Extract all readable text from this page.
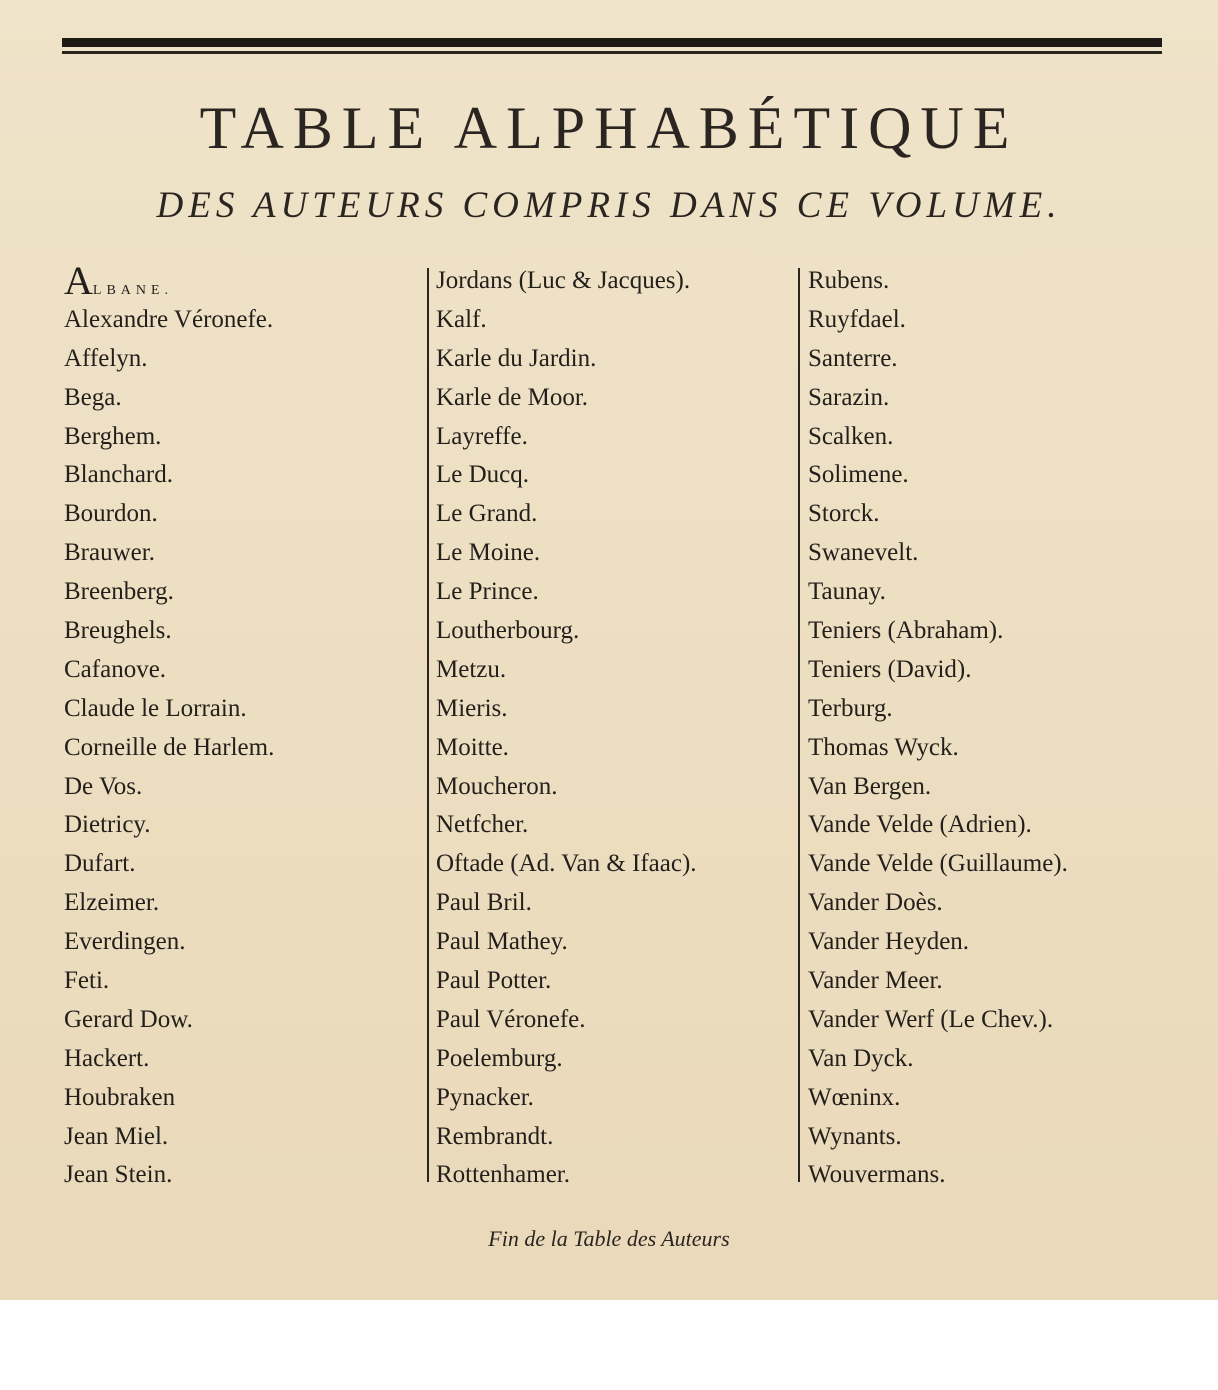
TABLE ALPHABÉTIQUE
DES AUTEURS COMPRIS DANS CE VOLUME.
ALBANE.
Alexandre Véronefe.
Affelyn.
Bega.
Berghem.
Blanchard.
Bourdon.
Brauwer.
Breenberg.
Breughels.
Cafanove.
Claude le Lorrain.
Corneille de Harlem.
De Vos.
Dietricy.
Dufart.
Elzeimer.
Everdingen.
Feti.
Gerard Dow.
Hackert.
Houbraken
Jean Miel.
Jean Stein.
Jordans (Luc & Jacques).
Kalf.
Karle du Jardin.
Karle de Moor.
Layreffe.
Le Ducq.
Le Grand.
Le Moine.
Le Prince.
Loutherbourg.
Metzu.
Mieris.
Moitte.
Moucheron.
Netfcher.
Oftade (Ad. Van & Ifaac).
Paul Bril.
Paul Mathey.
Paul Potter.
Paul Véronefe.
Poelemburg.
Pynacker.
Rembrandt.
Rottenhamer.
Rubens.
Ruyfdael.
Santerre.
Sarazin.
Scalken.
Solimene.
Storck.
Swanevelt.
Taunay.
Teniers (Abraham).
Teniers (David).
Terburg.
Thomas Wyck.
Van Bergen.
Vande Velde (Adrien).
Vande Velde (Guillaume).
Vander Doès.
Vander Heyden.
Vander Meer.
Vander Werf (Le Chev.).
Van Dyck.
Wœninx.
Wynants.
Wouvermans.
Fin de la Table des Auteurs
